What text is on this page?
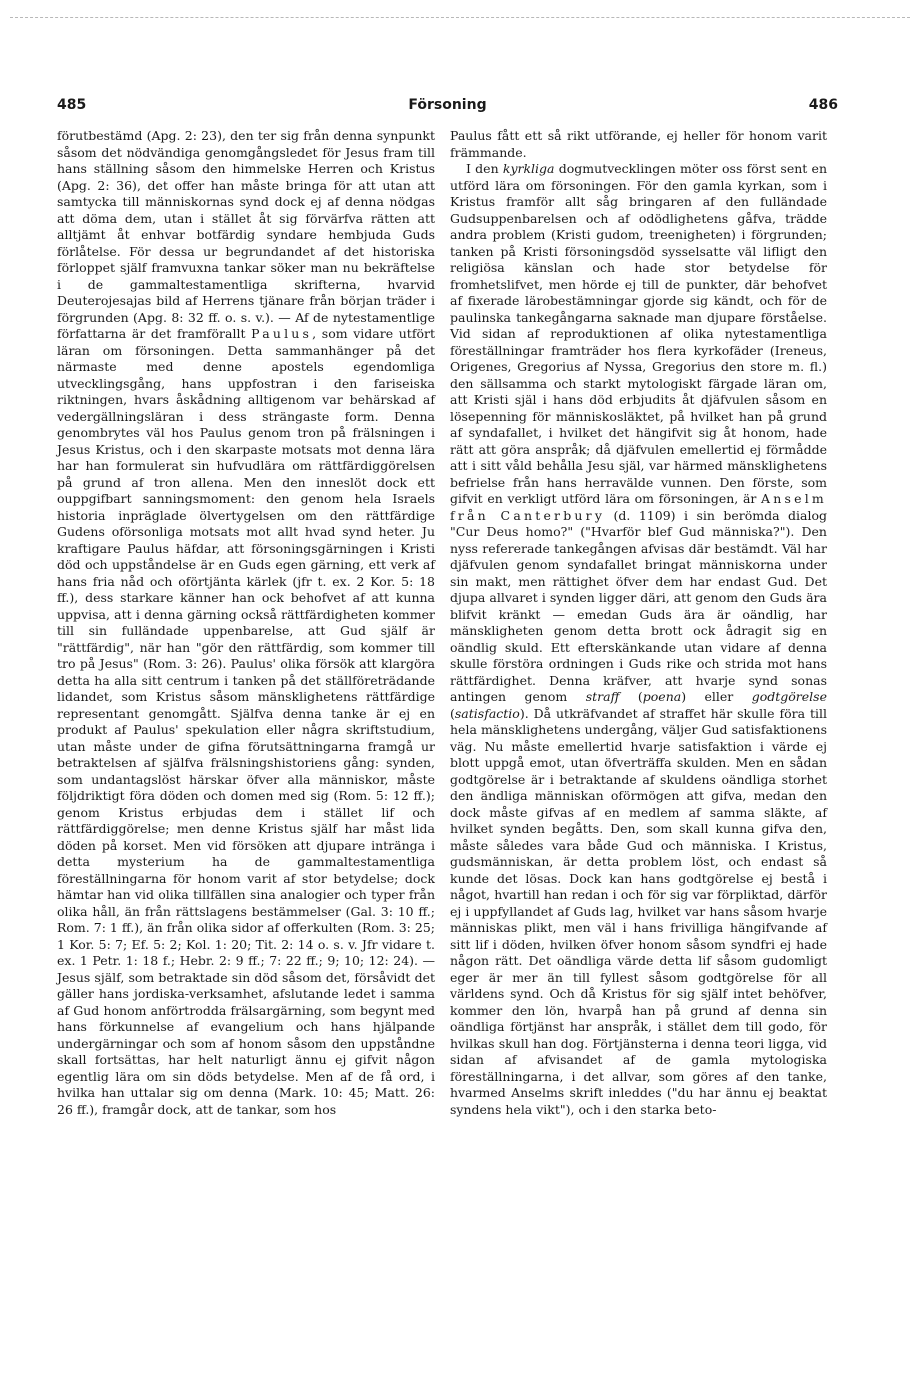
485	Försoning	486

förutbestämd (Apg. 2: 23), den ter sig från denna synpunkt såsom det nödvändiga genomgångsledet för Jesus fram till hans ställning såsom den himmelske Herren och Kristus (Apg. 2: 36), det offer han måste bringa för att utan att samtycka till människornas synd dock ej af denna nödgas att döma dem, utan i stället åt sig förvärfva rätten att alltjämt åt enhvar botfärdig syndare hembjuda Guds förlåtelse. För dessa ur begrundandet af det historiska förloppet själf framvuxna tankar söker man nu bekräftelse i de gammaltestamentliga skrifterna, hvarvid Deuterojesajas bild af Herrens tjänare från början träder i förgrunden (Apg. 8: 32 ff. o. s. v.). — Af de nytestamentlige författarna är det framförallt Paulus, som vidare utfört läran om försoningen. Detta sammanhänger på det närmaste med denne apostels egendomliga utvecklingsgång, hans uppfostran i den fariseiska riktningen, hvars åskådning alltigenom var behärskad af vedergällningsläran i dess strängaste form. Denna genombrytes väl hos Paulus genom tron på frälsningen i Jesus Kristus, och i den skarpaste motsats mot denna lära har han formulerat sin hufvudlära om rättfärdiggörelsen på grund af tron allena. Men den inneslöt dock ett ouppgifbart sanningsmoment: den genom hela Israels historia inpräglade ölvertygelsen om den rättfärdige Gudens oförsonliga motsats mot allt hvad synd heter. Ju kraftigare Paulus häfdar, att försoningsgärningen i Kristi död och uppståndelse är en Guds egen gärning, ett verk af hans fria nåd och oförtjänta kärlek (jfr t. ex. 2 Kor. 5: 18 ff.), dess starkare känner han ock behofvet af att kunna uppvisa, att i denna gärning också rättfärdigheten kommer till sin fulländade uppenbarelse, att Gud själf är "rättfärdig", när han "gör den rättfärdig, som kommer till tro på Jesus" (Rom. 3: 26). Paulus' olika försök att klargöra detta ha alla sitt centrum i tanken på det ställföreträdande lidandet, som Kristus såsom mänsklighetens rättfärdige representant genomgått. Själfva denna tanke är ej en produkt af Paulus' spekulation eller några skriftstudium, utan måste under de gifna förutsättningarna framgå ur betraktelsen af själfva frälsningshistoriens gång: synden, som undantagslöst härskar öfver alla människor, måste följdriktigt föra döden och domen med sig (Rom. 5: 12 ff.); genom Kristus erbjudas dem i stället lif och rättfärdiggörelse; men denne Kristus själf har måst lida döden på korset. Men vid försöken att djupare intränga i detta mysterium ha de gammaltestamentliga föreställningarna för honom varit af stor betydelse; dock hämtar han vid olika tillfällen sina analogier och typer från olika håll, än från rättslagens bestämmelser (Gal. 3: 10 ff.; Rom. 7: 1 ff.), än från olika sidor af offerkulten (Rom. 3: 25; 1 Kor. 5: 7; Ef. 5: 2; Kol. 1: 20; Tit. 2: 14 o. s. v. Jfr vidare t. ex. 1 Petr. 1: 18 f.; Hebr. 2: 9 ff.; 7: 22 ff.; 9; 10; 12: 24). — Jesus själf, som betraktade sin död såsom det, försåvidt det gäller hans jordiska-verksamhet, afslutande ledet i samma af Gud honom anförtrodda frälsargärning, som begynt med hans förkunnelse af evangelium och hans hjälpande undergärningar och som af honom såsom den uppståndne skall fortsättas, har helt naturligt ännu ej gifvit någon egentlig lära om sin döds betydelse. Men af de få ord, i hvilka han uttalar sig om denna (Mark. 10: 45; Matt. 26: 26 ff.), framgår dock, att de tankar, som hos

Paulus fått ett så rikt utförande, ej heller för honom varit främmande.

I den kyrkliga dogmutvecklingen möter oss först sent en utförd lära om försoningen. För den gamla kyrkan, som i Kristus framför allt såg bringaren af den fulländade Gudsuppenbarelsen och af odödlighetens gåfva, trädde andra problem (Kristi gudom, treenigheten) i förgrunden; tanken på Kristi försoningsdöd sysselsatte väl lifligt den religiösa känslan och hade stor betydelse för fromhetslifvet, men hörde ej till de punkter, där behofvet af fixerade lärobestämningar gjorde sig kändt, och för de paulinska tankegångarna saknade man djupare förståelse. Vid sidan af reproduktionen af olika nytestamentliga föreställningar framträder hos flera kyrkofäder (Ireneus, Origenes, Gregorius af Nyssa, Gregorius den store m. fl.) den sällsamma och starkt mytologiskt färgade läran om, att Kristi själ i hans död erbjudits åt djäfvulen såsom en lösepenning för människosläktet, på hvilket han på grund af syndafallet, i hvilket det hängifvit sig åt honom, hade rätt att göra anspråk; då djäfvulen emellertid ej förmådde att i sitt våld behålla Jesu själ, var härmed mänsklighetens befrielse från hans herravälde vunnen. Den förste, som gifvit en verkligt utförd lära om försoningen, är Anselm från Canterbury (d. 1109) i sin berömda dialog "Cur Deus homo?" ("Hvarför blef Gud människa?"). Den nyss refererade tankegången afvisas där bestämdt. Väl har djäfvulen genom syndafallet bringat människorna under sin makt, men rättighet öfver dem har endast Gud. Det djupa allvaret i synden ligger däri, att genom den Guds ära blifvit kränkt — emedan Guds ära är oändlig, har mänskligheten genom detta brott ock ådragit sig en oändlig skuld. Ett efterskänkande utan vidare af denna skulle förstöra ordningen i Guds rike och strida mot hans rättfärdighet. Denna kräfver, att hvarje synd sonas antingen genom straff (poena) eller godtgörelse (satisfactio). Då utkräfvandet af straffet här skulle föra till hela mänsklighetens undergång, väljer Gud satisfaktionens väg. Nu måste emellertid hvarje satisfaktion i värde ej blott uppgå emot, utan öfverträffa skulden. Men en sådan godtgörelse är i betraktande af skuldens oändliga storhet den ändliga människan oförmögen att gifva, medan den dock måste gifvas af en medlem af samma släkte, af hvilket synden begåtts. Den, som skall kunna gifva den, måste således vara både Gud och människa. I Kristus, gudsmänniskan, är detta problem löst, och endast så kunde det lösas. Dock kan hans godtgörelse ej bestå i något, hvartill han redan i och för sig var förpliktad, därför ej i uppfyllandet af Guds lag, hvilket var hans såsom hvarje människas plikt, men väl i hans frivilliga hängifvande af sitt lif i döden, hvilken öfver honom såsom syndfri ej hade någon rätt. Det oändliga värde detta lif såsom gudomligt eger är mer än till fyllest såsom godtgörelse för all världens synd. Och då Kristus för sig själf intet behöfver, kommer den lön, hvarpå han på grund af denna sin oändliga förtjänst har anspråk, i stället dem till godo, för hvilkas skull han dog. Förtjänsterna i denna teori ligga, vid sidan af afvisandet af de gamla mytologiska föreställningarna, i det allvar, som göres af den tanke, hvarmed Anselms skrift inleddes ("du har ännu ej beaktat syndens hela vikt"), och i den starka beto-
